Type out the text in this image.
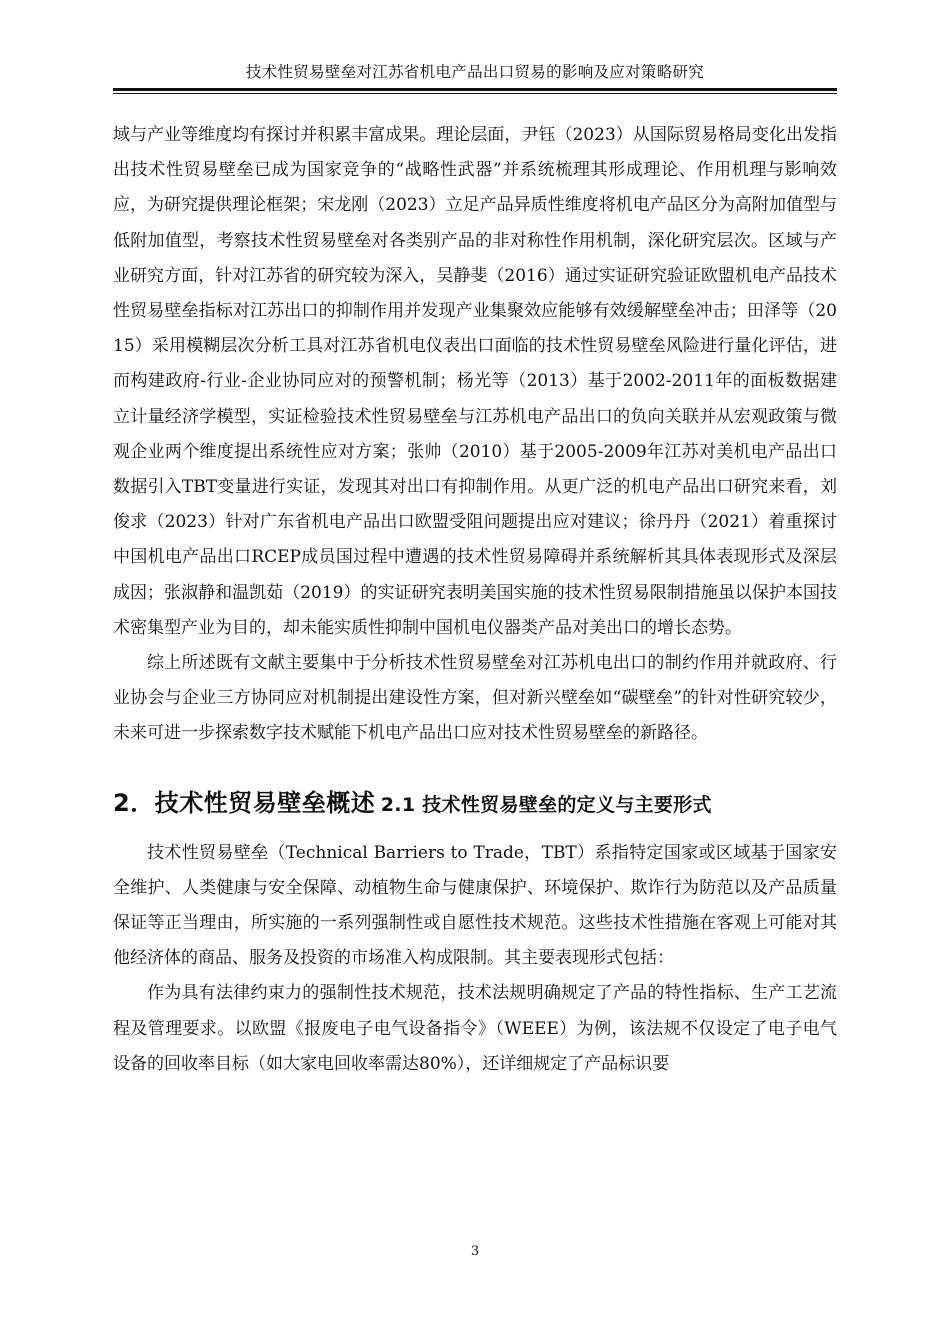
技术性贸易壁垒对江苏省机电产品出口贸易的影响及应对策略研究

域与产业等维度均有探讨并积累丰富成果。理论层面，尹钰（2023）从国际贸易格局变化出发指出技术性贸易壁垒已成为国家竞争的“战略性武器”并系统梳理其形成理论、作用机理与影响效应，为研究提供理论框架；宋龙刚（2023）立足产品异质性维度将机电产品区分为高附加值型与低附加值型，考察技术性贸易壁垒对各类别产品的非对称性作用机制，深化研究层次。区域与产业研究方面，针对江苏省的研究较为深入，吴静斐（2016）通过实证研究验证欧盟机电产品技术性贸易壁垒指标对江苏出口的抑制作用并发现产业集聚效应能够有效缓解壁垒冲击；田泽等（2015）采用模糊层次分析工具对江苏省机电仪表出口面临的技术性贸易壁垒风险进行量化评估，进而构建政府-行业-企业协同应对的预警机制；杨光等（2013）基于2002-2011年的面板数据建立计量经济学模型，实证检验技术性贸易壁垒与江苏机电产品出口的负向关联并从宏观政策与微观企业两个维度提出系统性应对方案；张帅（2010）基于2005-2009年江苏对美机电产品出口数据引入TBT变量进行实证，发现其对出口有抑制作用。从更广泛的机电产品出口研究来看，刘俊求（2023）针对广东省机电产品出口欧盟受阻问题提出应对建议；徐丹丹（2021）着重探讨中国机电产品出口RCEP成员国过程中遭遇的技术性贸易障碍并系统解析其具体表现形式及深层成因；张淑静和温凯茹（2019）的实证研究表明美国实施的技术性贸易限制措施虽以保护本国技术密集型产业为目的，却未能实质性抑制中国机电仪器类产品对美出口的增长态势。

综上所述既有文献主要集中于分析技术性贸易壁垒对江苏机电出口的制约作用并就政府、行业协会与企业三方协同应对机制提出建设性方案，但对新兴壁垒如“碳壁垒”的针对性研究较少，未来可进一步探索数字技术赋能下机电产品出口应对技术性贸易壁垒的新路径。

2．技术性贸易壁垒概述 2.1 技术性贸易壁垒的定义与主要形式

技术性贸易壁垒（Technical Barriers to Trade，TBT）系指特定国家或区域基于国家安全维护、人类健康与安全保障、动植物生命与健康保护、环境保护、欺诈行为防范以及产品质量保证等正当理由，所实施的一系列强制性或自愿性技术规范。这些技术性措施在客观上可能对其他经济体的商品、服务及投资的市场准入构成限制。其主要表现形式包括：

作为具有法律约束力的强制性技术规范，技术法规明确规定了产品的特性指标、生产工艺流程及管理要求。以欧盟《报废电子电气设备指令》（WEEE）为例，该法规不仅设定了电子电气设备的回收率目标（如大家电回收率需达80%），还详细规定了产品标识要

3
